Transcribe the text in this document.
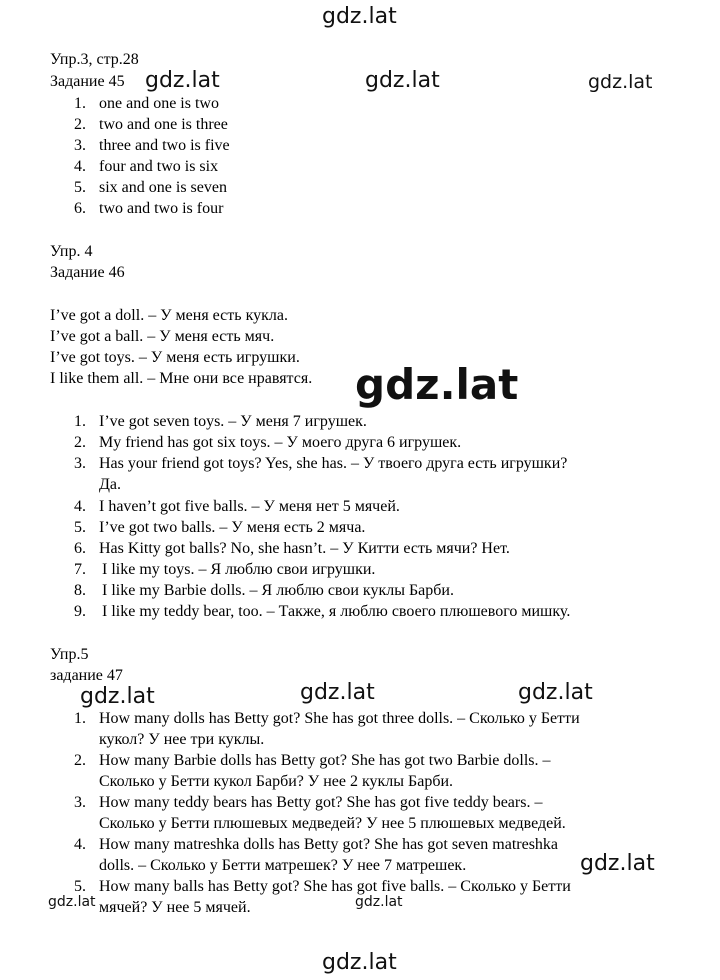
gdz.lat
gdz.lat	gdz.lat	gdz.lat
gdz.lat
gdz.lat	gdz.lat	gdz.lat
gdz.lat
gdz.lat	gdz.lat
gdz.lat
Упр.3, стр.28
Задание 45
1. one and one is two
2. two and one is three
3. three and two is five
4. four and two is six
5. six and one is seven
6. two and two is four
Упр. 4
Задание 46
I’ve got a doll. – У меня есть кукла.
I’ve got a ball. – У меня есть мяч.
I’ve got toys. – У меня есть игрушки.
I like them all. – Мне они все нравятся.
1. I’ve got seven toys. – У меня 7 игрушек.
2. My friend has got six toys. – У моего друга 6 игрушек.
3. Has your friend got toys? Yes, she has. – У твоего друга есть игрушки?
Да.
4. I haven’t got five balls. – У меня нет 5 мячей.
5. I’ve got two balls. – У меня есть 2 мяча.
6. Has Kitty got balls? No, she hasn’t. – У Китти есть мячи? Нет.
7. I like my toys. – Я люблю свои игрушки.
8. I like my Barbie dolls. – Я люблю свои куклы Барби.
9. I like my teddy bear, too. – Также, я люблю своего плюшевого мишку.
Упр.5
задание 47
1. How many dolls has Betty got? She has got three dolls. – Сколько у Бетти
кукол? У нее три куклы.
2. How many Barbie dolls has Betty got? She has got two Barbie dolls. –
Сколько у Бетти кукол Барби? У нее 2 куклы Барби.
3. How many teddy bears has Betty got? She has got five teddy bears. –
Сколько у Бетти плюшевых медведей? У нее 5 плюшевых медведей.
4. How many matreshka dolls has Betty got? She has got seven matreshka
dolls. – Сколько у Бетти матрешек? У нее 7 матрешек.
5. How many balls has Betty got? She has got five balls. – Сколько у Бетти
мячей? У нее 5 мячей.
